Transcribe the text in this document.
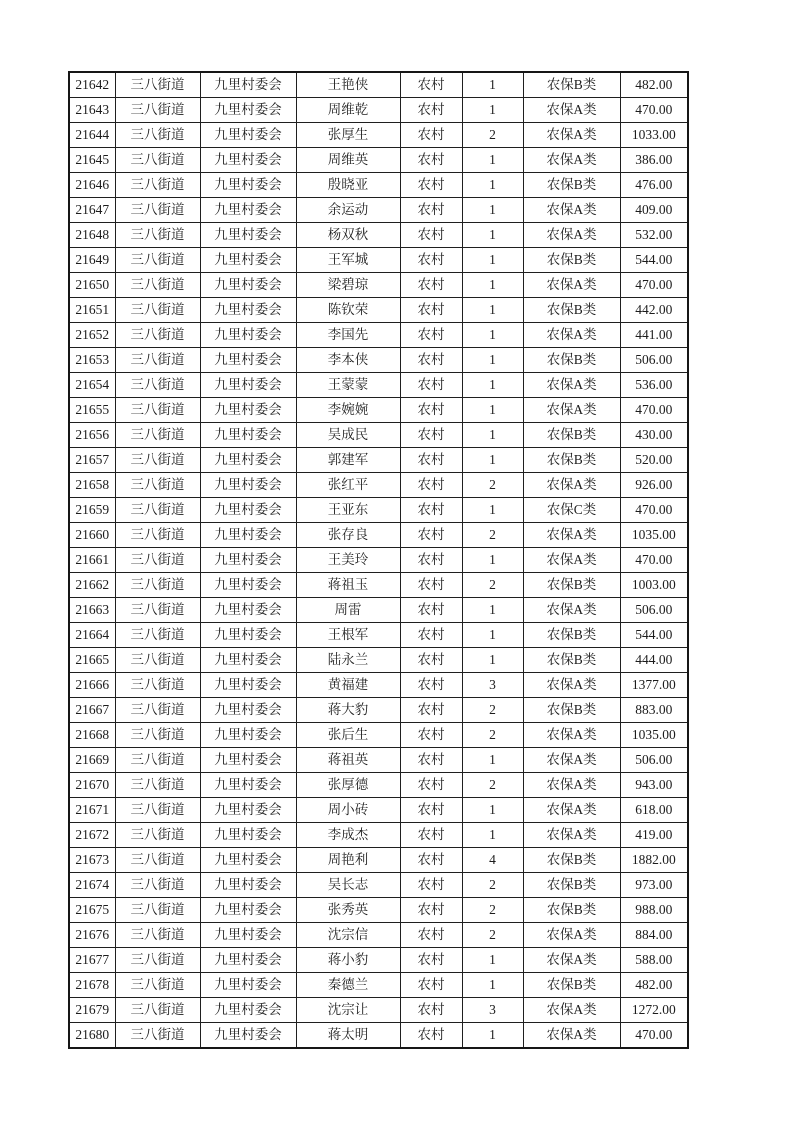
21642	三八街道	九里村委会	王艳侠	农村	1	农保B类	482.00
21643	三八街道	九里村委会	周维乾	农村	1	农保A类	470.00
21644	三八街道	九里村委会	张厚生	农村	2	农保A类	1033.00
21645	三八街道	九里村委会	周维英	农村	1	农保A类	386.00
21646	三八街道	九里村委会	殷晓亚	农村	1	农保B类	476.00
21647	三八街道	九里村委会	余运动	农村	1	农保A类	409.00
21648	三八街道	九里村委会	杨双秋	农村	1	农保A类	532.00
21649	三八街道	九里村委会	王军城	农村	1	农保B类	544.00
21650	三八街道	九里村委会	梁碧琼	农村	1	农保A类	470.00
21651	三八街道	九里村委会	陈钦荣	农村	1	农保B类	442.00
21652	三八街道	九里村委会	李国先	农村	1	农保A类	441.00
21653	三八街道	九里村委会	李本侠	农村	1	农保B类	506.00
21654	三八街道	九里村委会	王蒙蒙	农村	1	农保A类	536.00
21655	三八街道	九里村委会	李婉婉	农村	1	农保A类	470.00
21656	三八街道	九里村委会	吴成民	农村	1	农保B类	430.00
21657	三八街道	九里村委会	郭建军	农村	1	农保B类	520.00
21658	三八街道	九里村委会	张红平	农村	2	农保A类	926.00
21659	三八街道	九里村委会	王亚东	农村	1	农保C类	470.00
21660	三八街道	九里村委会	张存良	农村	2	农保A类	1035.00
21661	三八街道	九里村委会	王美玲	农村	1	农保A类	470.00
21662	三八街道	九里村委会	蒋祖玉	农村	2	农保B类	1003.00
21663	三八街道	九里村委会	周雷	农村	1	农保A类	506.00
21664	三八街道	九里村委会	王根军	农村	1	农保B类	544.00
21665	三八街道	九里村委会	陆永兰	农村	1	农保B类	444.00
21666	三八街道	九里村委会	黄福建	农村	3	农保A类	1377.00
21667	三八街道	九里村委会	蒋大豹	农村	2	农保B类	883.00
21668	三八街道	九里村委会	张后生	农村	2	农保A类	1035.00
21669	三八街道	九里村委会	蒋祖英	农村	1	农保A类	506.00
21670	三八街道	九里村委会	张厚德	农村	2	农保A类	943.00
21671	三八街道	九里村委会	周小砖	农村	1	农保A类	618.00
21672	三八街道	九里村委会	李成杰	农村	1	农保A类	419.00
21673	三八街道	九里村委会	周艳利	农村	4	农保B类	1882.00
21674	三八街道	九里村委会	吴长志	农村	2	农保B类	973.00
21675	三八街道	九里村委会	张秀英	农村	2	农保B类	988.00
21676	三八街道	九里村委会	沈宗信	农村	2	农保A类	884.00
21677	三八街道	九里村委会	蒋小豹	农村	1	农保A类	588.00
21678	三八街道	九里村委会	秦德兰	农村	1	农保B类	482.00
21679	三八街道	九里村委会	沈宗让	农村	3	农保A类	1272.00
21680	三八街道	九里村委会	蒋太明	农村	1	农保A类	470.00
